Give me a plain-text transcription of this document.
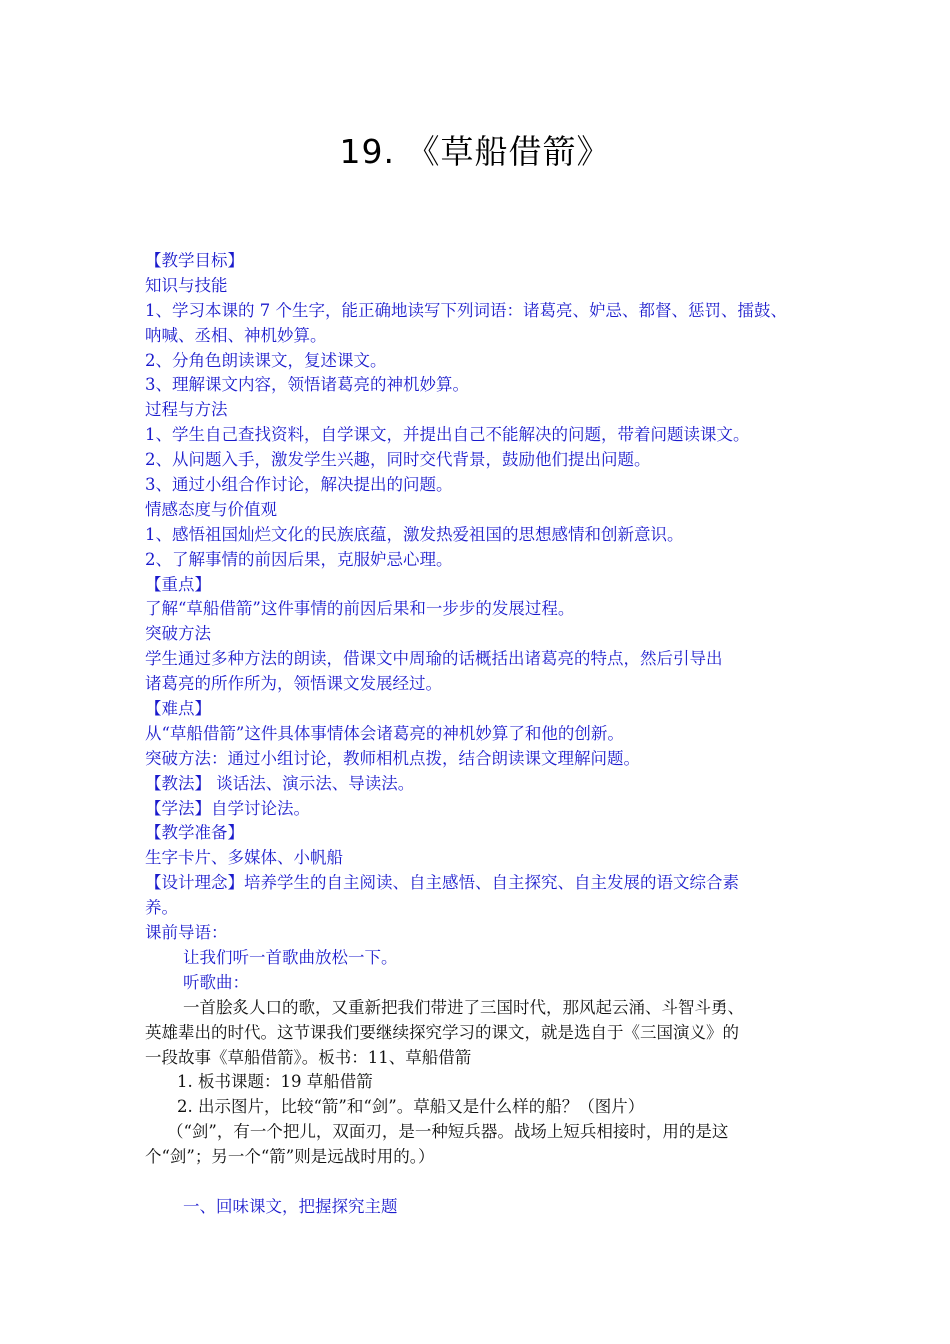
19. 《草船借箭》
【教学目标】
知识与技能
1、学习本课的 7 个生字，能正确地读写下列词语：诸葛亮、妒忌、都督、惩罚、擂鼓、
呐喊、丞相、神机妙算。
2、分角色朗读课文，复述课文。
3、理解课文内容，领悟诸葛亮的神机妙算。
过程与方法
1、学生自己查找资料，自学课文，并提出自己不能解决的问题，带着问题读课文。
2、从问题入手，激发学生兴趣，同时交代背景，鼓励他们提出问题。
3、通过小组合作讨论，解决提出的问题。
情感态度与价值观
1、感悟祖国灿烂文化的民族底蕴，激发热爱祖国的思想感情和创新意识。
2、了解事情的前因后果，克服妒忌心理。
【重点】
了解“草船借箭”这件事情的前因后果和一步步的发展过程。
突破方法
学生通过多种方法的朗读，借课文中周瑜的话概括出诸葛亮的特点，然后引导出
诸葛亮的所作所为，领悟课文发展经过。
【难点】
从“草船借箭”这件具体事情体会诸葛亮的神机妙算了和他的创新。
突破方法：通过小组讨论，教师相机点拨，结合朗读课文理解问题。
【教法】 谈话法、演示法、导读法。
【学法】自学讨论法。
【教学准备】
生字卡片、多媒体、小帆船
【设计理念】培养学生的自主阅读、自主感悟、自主探究、自主发展的语文综合素
养。
课前导语：
让我们听一首歌曲放松一下。
听歌曲：
一首脍炙人口的歌，又重新把我们带进了三国时代，那风起云涌、斗智斗勇、
英雄辈出的时代。这节课我们要继续探究学习的课文，就是选自于《三国演义》的
一段故事《草船借箭》。板书：11、草船借箭
1. 板书课题：19 草船借箭
2. 出示图片，比较“箭”和“剑”。草船又是什么样的船？（图片）
（“剑”，有一个把儿，双面刃，是一种短兵器。战场上短兵相接时，用的是这
个“剑”；另一个“箭”则是远战时用的。）
一、回味课文，把握探究主题
